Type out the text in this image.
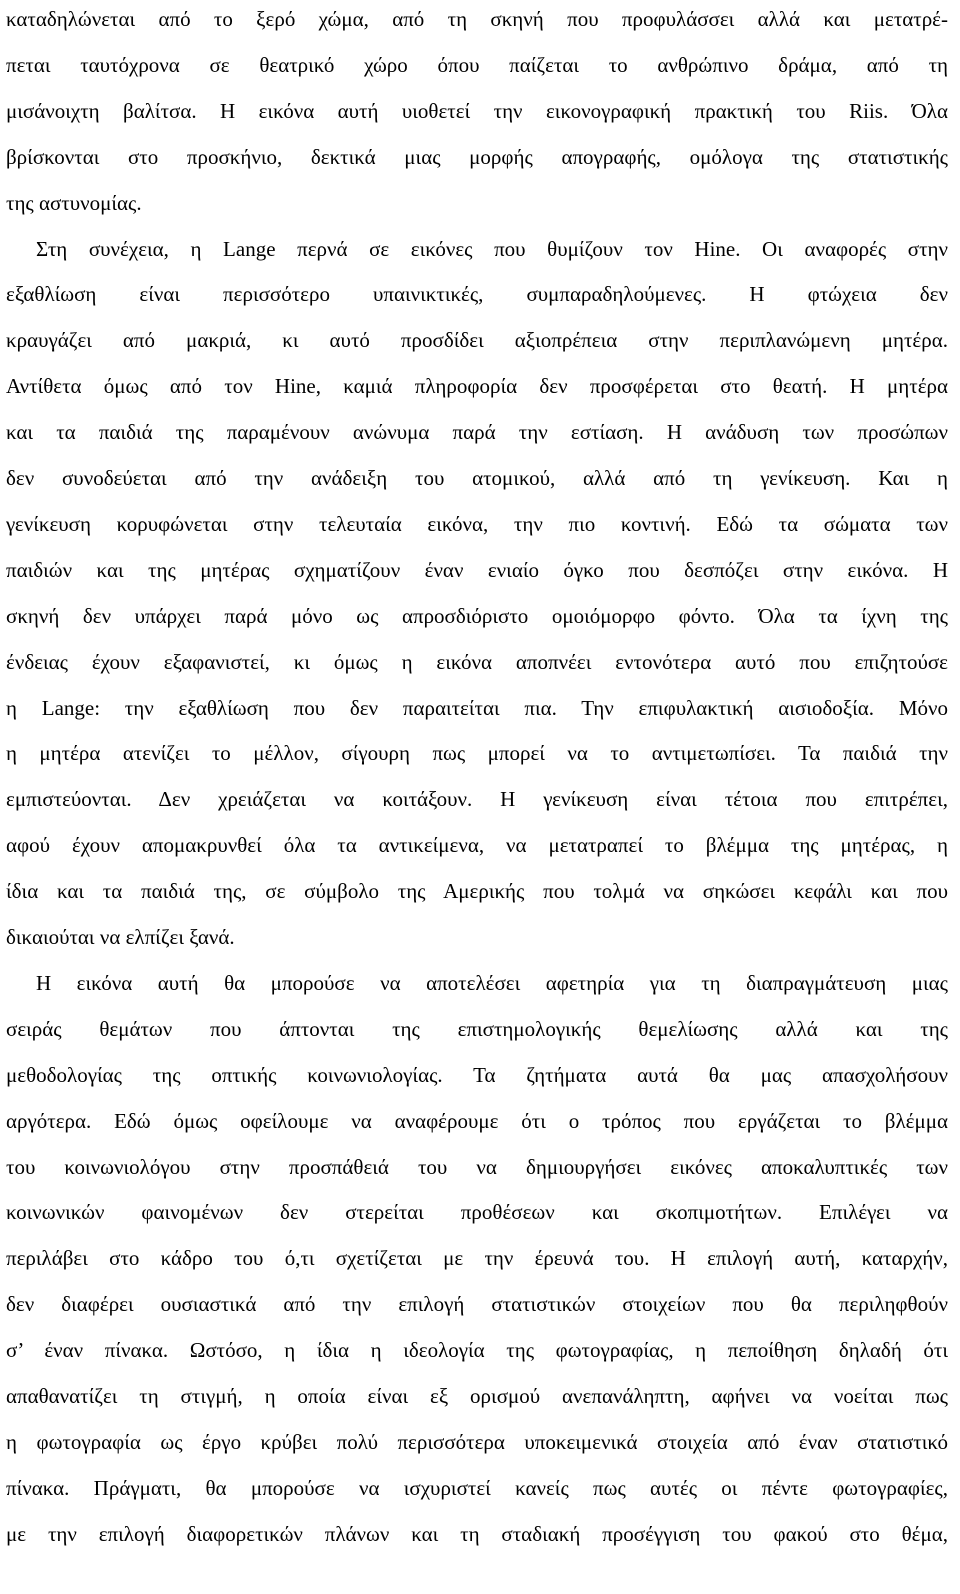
καταδηλώνεται από το ξερό χώμα, από τη σκηνή που προφυλάσσει αλλά και μετατρέ-
πεται ταυτόχρονα σε θεατρικό χώρο όπου παίζεται το ανθρώπινο δράμα, από τη
μισάνοιχτη βαλίτσα. Η εικόνα αυτή υιοθετεί την εικονογραφική πρακτική του Riis. Όλα
βρίσκονται στο προσκήνιο, δεκτικά μιας μορφής απογραφής, ομόλογα της στατιστικής
της αστυνομίας.
Στη συνέχεια, η Lange περνά σε εικόνες που θυμίζουν τον Hine. Οι αναφορές στην
εξαθλίωση είναι περισσότερο υπαινικτικές, συμπαραδηλούμενες. Η φτώχεια δεν
κραυγάζει από μακριά, κι αυτό προσδίδει αξιοπρέπεια στην περιπλανώμενη μητέρα.
Αντίθετα όμως από τον Hine, καμιά πληροφορία δεν προσφέρεται στο θεατή. Η μητέρα
και τα παιδιά της παραμένουν ανώνυμα παρά την εστίαση. Η ανάδυση των προσώπων
δεν συνοδεύεται από την ανάδειξη του ατομικού, αλλά από τη γενίκευση. Και η
γενίκευση κορυφώνεται στην τελευταία εικόνα, την πιο κοντινή. Εδώ τα σώματα των
παιδιών και της μητέρας σχηματίζουν έναν ενιαίο όγκο που δεσπόζει στην εικόνα. Η
σκηνή δεν υπάρχει παρά μόνο ως απροσδιόριστο ομοιόμορφο φόντο. Όλα τα ίχνη της
ένδειας έχουν εξαφανιστεί, κι όμως η εικόνα αποπνέει εντονότερα αυτό που επιζητούσε
η Lange: την εξαθλίωση που δεν παραιτείται πια. Την επιφυλακτική αισιοδοξία. Μόνο
η μητέρα ατενίζει το μέλλον, σίγουρη πως μπορεί να το αντιμετωπίσει. Τα παιδιά την
εμπιστεύονται. Δεν χρειάζεται να κοιτάξουν. Η γενίκευση είναι τέτοια που επιτρέπει,
αφού έχουν απομακρυνθεί όλα τα αντικείμενα, να μετατραπεί το βλέμμα της μητέρας, η
ίδια και τα παιδιά της, σε σύμβολο της Αμερικής που τολμά να σηκώσει κεφάλι και που
δικαιούται να ελπίζει ξανά.
Η εικόνα αυτή θα μπορούσε να αποτελέσει αφετηρία για τη διαπραγμάτευση μιας
σειράς θεμάτων που άπτονται της επιστημολογικής θεμελίωσης αλλά και της
μεθοδολογίας της οπτικής κοινωνιολογίας. Τα ζητήματα αυτά θα μας απασχολήσουν
αργότερα. Εδώ όμως οφείλουμε να αναφέρουμε ότι ο τρόπος που εργάζεται το βλέμμα
του κοινωνιολόγου στην προσπάθειά του να δημιουργήσει εικόνες αποκαλυπτικές των
κοινωνικών φαινομένων δεν στερείται προθέσεων και σκοπιμοτήτων. Επιλέγει να
περιλάβει στο κάδρο του ό,τι σχετίζεται με την έρευνά του. Η επιλογή αυτή, καταρχήν,
δεν διαφέρει ουσιαστικά από την επιλογή στατιστικών στοιχείων που θα περιληφθούν
σ’ έναν πίνακα. Ωστόσο, η ίδια η ιδεολογία της φωτογραφίας, η πεποίθηση δηλαδή ότι
απαθανατίζει τη στιγμή, η οποία είναι εξ ορισμού ανεπανάληπτη, αφήνει να νοείται πως
η φωτογραφία ως έργο κρύβει πολύ περισσότερα υποκειμενικά στοιχεία από έναν στατιστικό
πίνακα. Πράγματι, θα μπορούσε να ισχυριστεί κανείς πως αυτές οι πέντε φωτογραφίες,
με την επιλογή διαφορετικών πλάνων και τη σταδιακή προσέγγιση του φακού στο θέμα,
